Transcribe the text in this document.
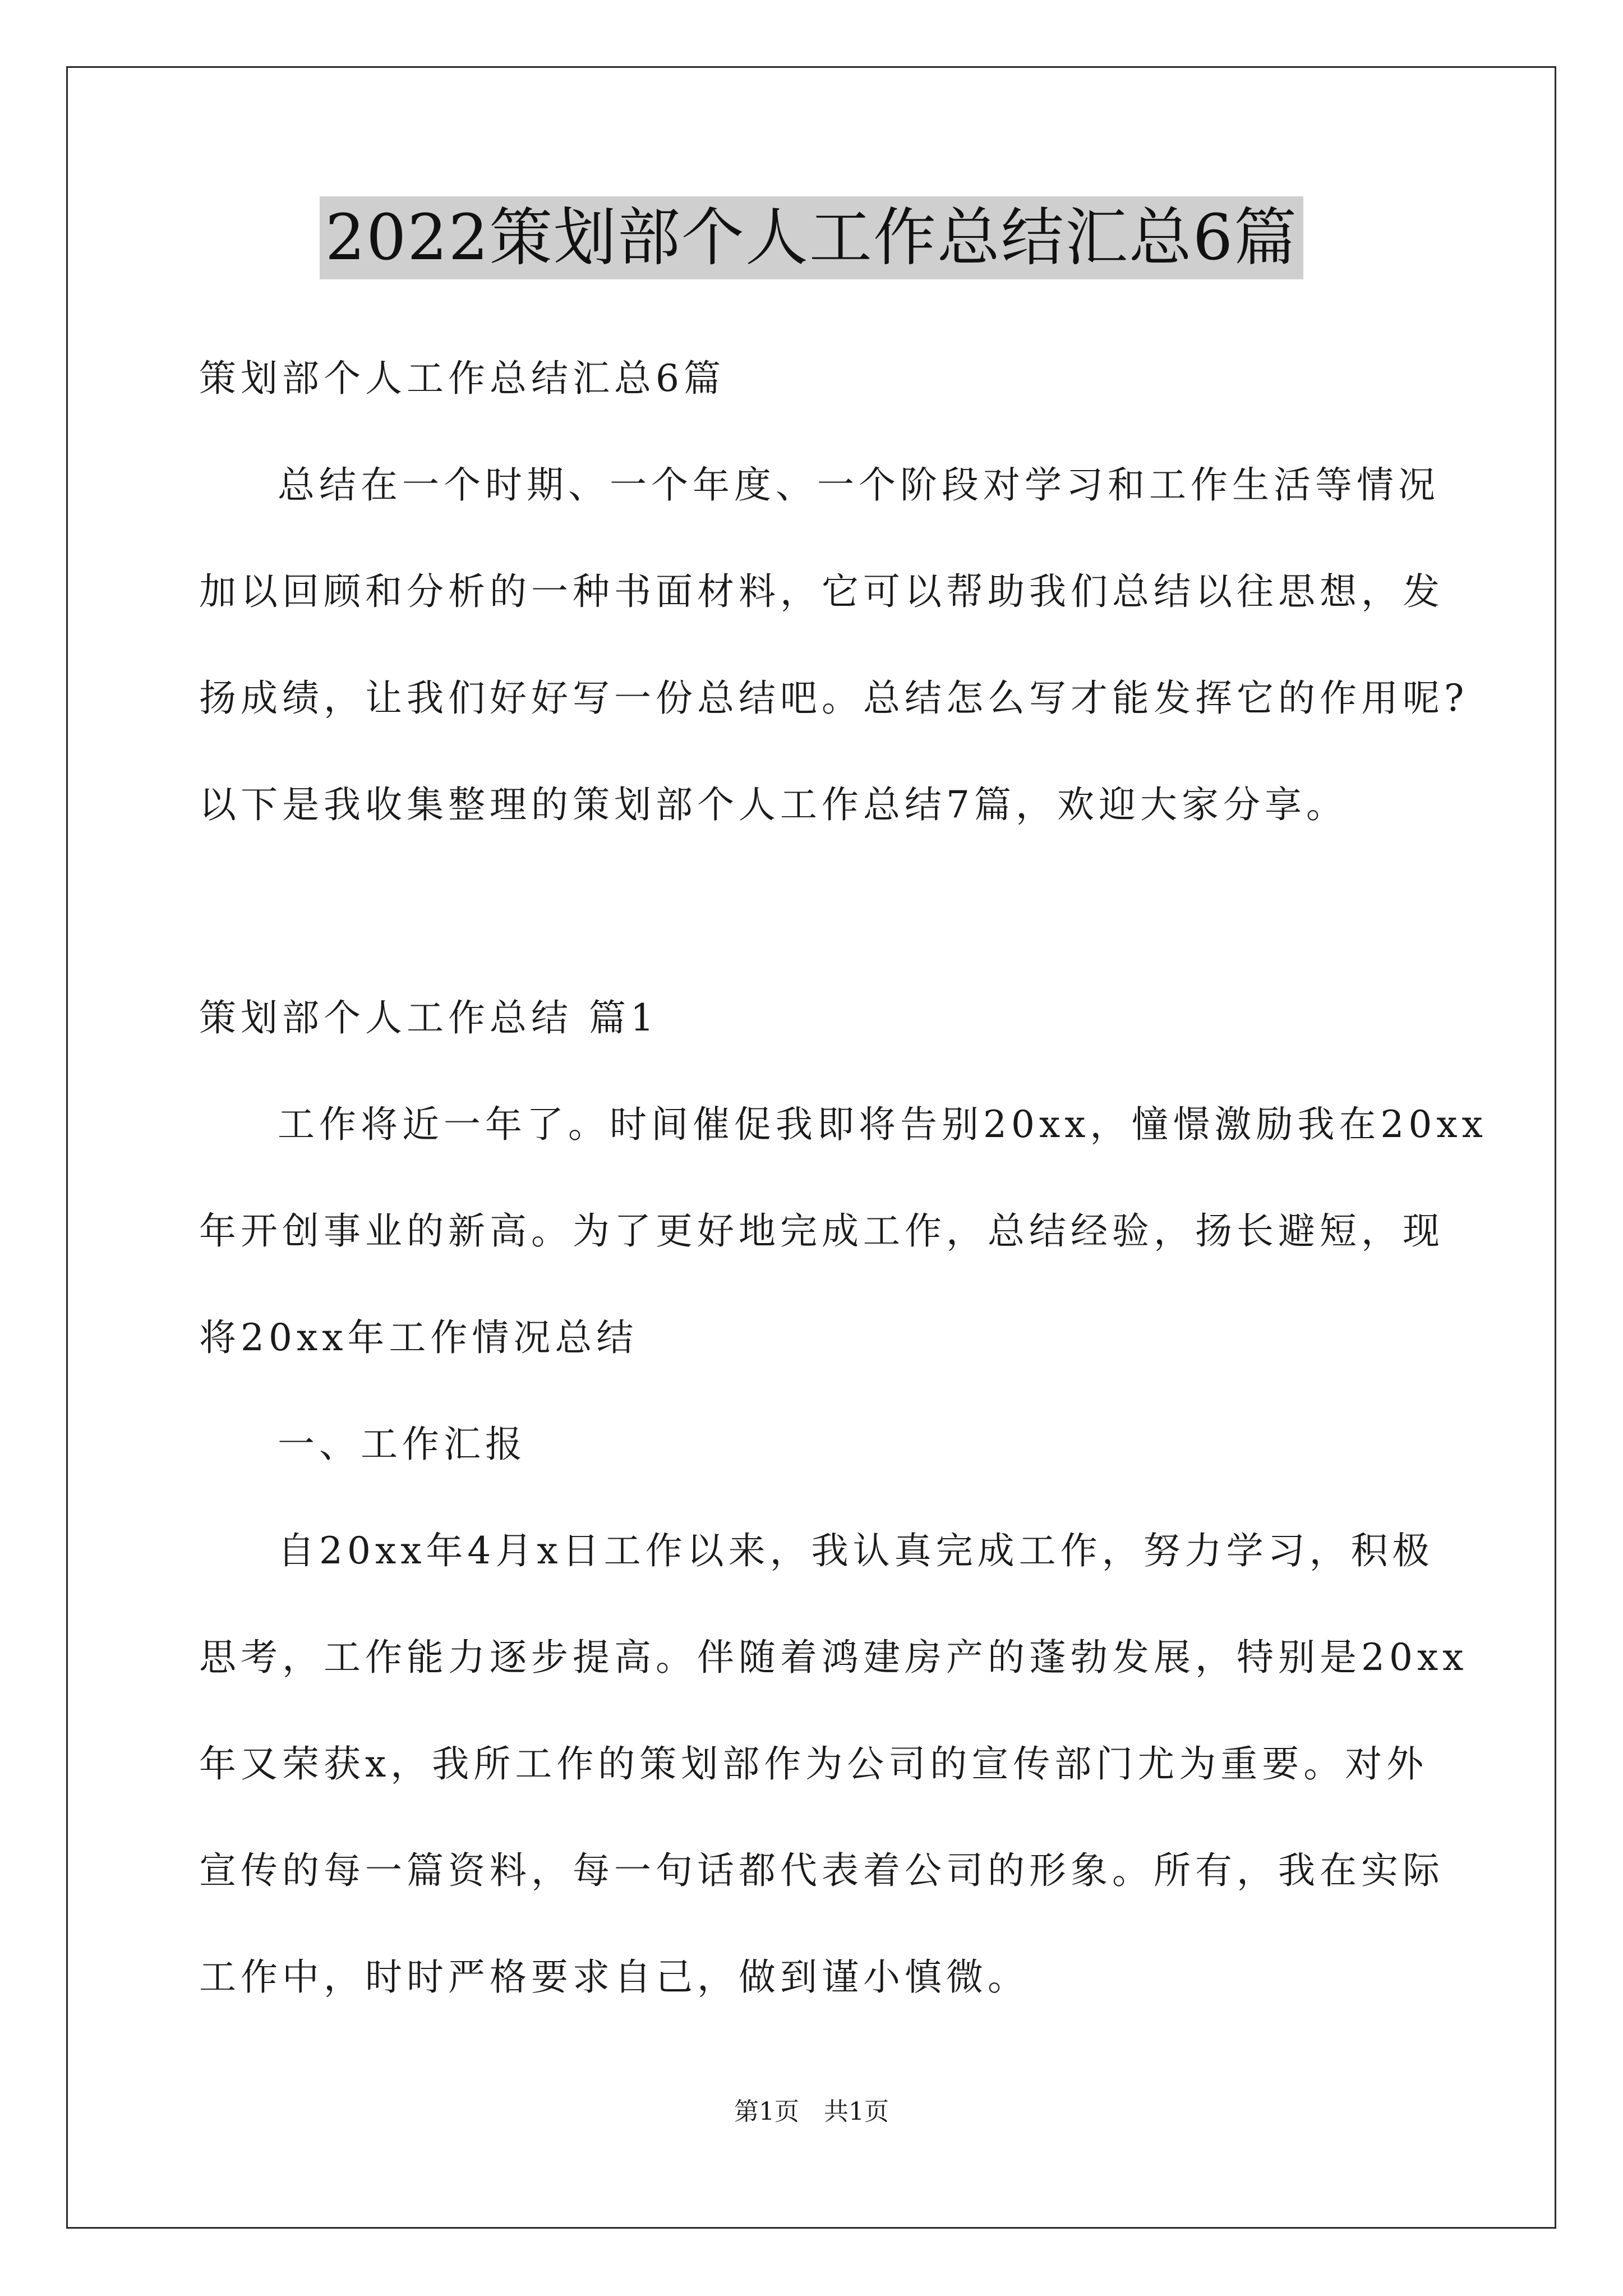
2022策划部个人工作总结汇总6篇
策划部个人工作总结汇总6篇
总结在一个时期、一个年度、一个阶段对学习和工作生活等情况
加以回顾和分析的一种书面材料，它可以帮助我们总结以往思想，发
扬成绩，让我们好好写一份总结吧。总结怎么写才能发挥它的作用呢?
以下是我收集整理的策划部个人工作总结7篇，欢迎大家分享。
策划部个人工作总结 篇1
工作将近一年了。时间催促我即将告别20xx，憧憬激励我在20xx
年开创事业的新高。为了更好地完成工作，总结经验，扬长避短，现
将20xx年工作情况总结
一、工作汇报
自20xx年4月x日工作以来，我认真完成工作，努力学习，积极
思考，工作能力逐步提高。伴随着鸿建房产的蓬勃发展，特别是20xx
年又荣获x，我所工作的策划部作为公司的宣传部门尤为重要。对外
宣传的每一篇资料，每一句话都代表着公司的形象。所有，我在实际
工作中，时时严格要求自己，做到谨小慎微。
第1页　共1页
